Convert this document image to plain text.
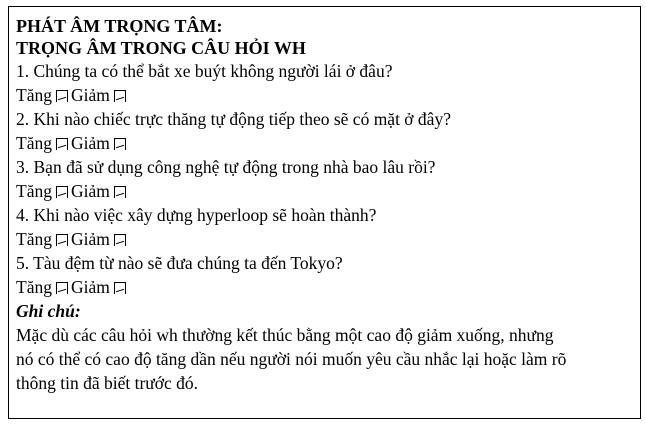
PHÁT ÂM TRỌNG TÂM:
TRỌNG ÂM TRONG CÂU HỎI WH
1. Chúng ta có thể bắt xe buýt không người lái ở đâu?
Tăng Giảm
2. Khi nào chiếc trực thăng tự động tiếp theo sẽ có mặt ở đây?
Tăng Giảm
3. Bạn đã sử dụng công nghệ tự động trong nhà bao lâu rồi?
Tăng Giảm
4. Khi nào việc xây dựng hyperloop sẽ hoàn thành?
Tăng Giảm
5. Tàu đệm từ nào sẽ đưa chúng ta đến Tokyo?
Tăng Giảm
Ghi chú:
Mặc dù các câu hỏi wh thường kết thúc bằng một cao độ giảm xuống, nhưng
nó có thể có cao độ tăng dần nếu người nói muốn yêu cầu nhắc lại hoặc làm rõ
thông tin đã biết trước đó.
